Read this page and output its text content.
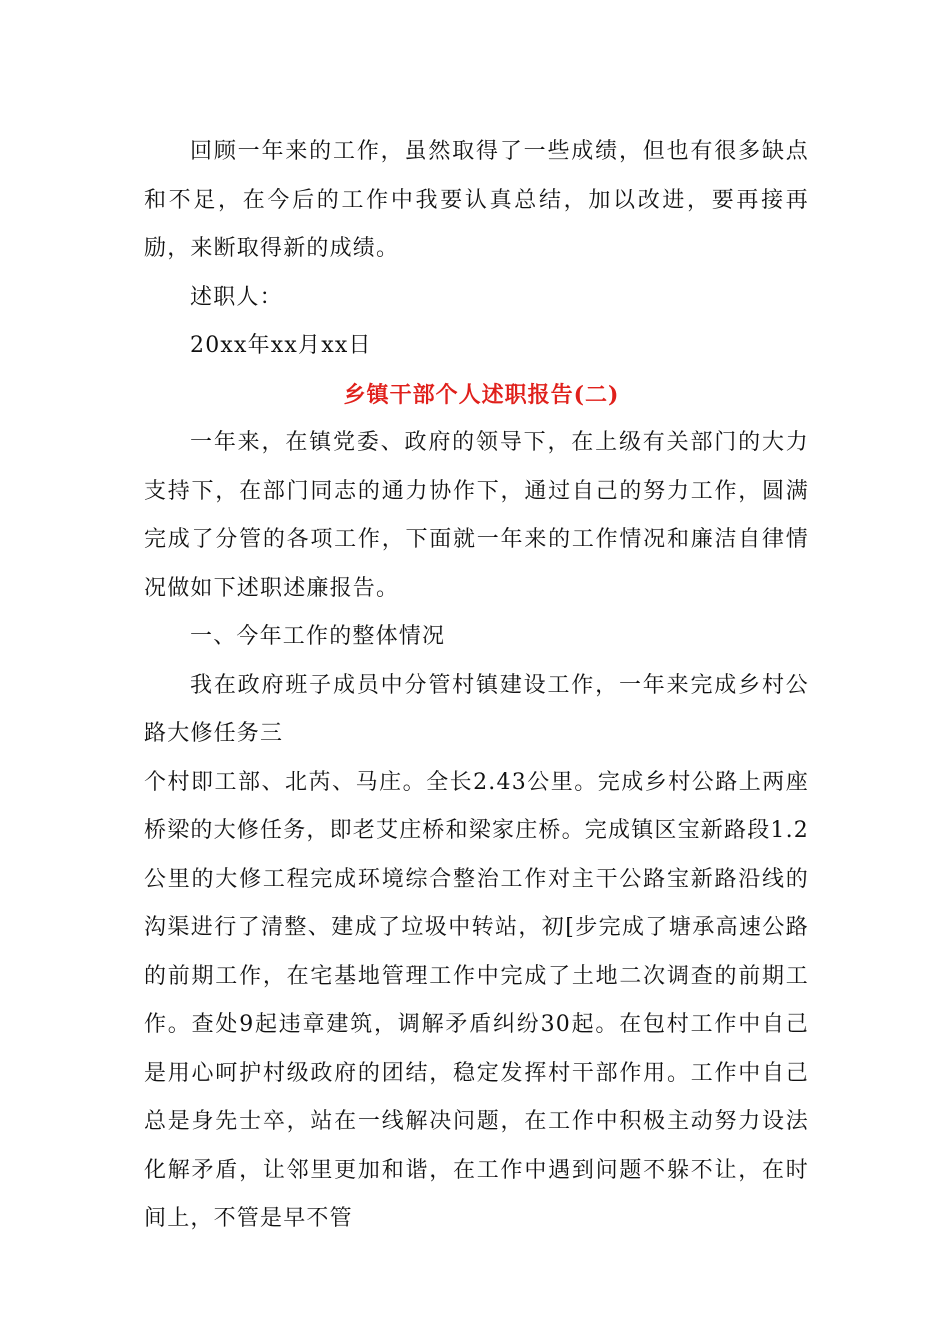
回顾一年来的工作，虽然取得了一些成绩，但也有很多缺点和不足，在今后的工作中我要认真总结，加以改进，要再接再励，来断取得新的成绩。

述职人：

20xx年xx月xx日

乡镇干部个人述职报告(二)

一年来，在镇党委、政府的领导下，在上级有关部门的大力支持下，在部门同志的通力协作下，通过自己的努力工作，圆满完成了分管的各项工作，下面就一年来的工作情况和廉洁自律情况做如下述职述廉报告。

一、今年工作的整体情况

我在政府班子成员中分管村镇建设工作，一年来完成乡村公路大修任务三

个村即工部、北芮、马庄。全长2.43公里。完成乡村公路上两座桥梁的大修任务，即老艾庄桥和梁家庄桥。完成镇区宝新路段1.2公里的大修工程完成环境综合整治工作对主干公路宝新路沿线的沟渠进行了清整、建成了垃圾中转站，初[步完成了塘承高速公路的前期工作，在宅基地管理工作中完成了土地二次调查的前期工作。查处9起违章建筑，调解矛盾纠纷30起。在包村工作中自己是用心呵护村级政府的团结，稳定发挥村干部作用。工作中自己总是身先士卒，站在一线解决问题，在工作中积极主动努力设法化解矛盾，让邻里更加和谐，在工作中遇到问题不躲不让，在时间上，不管是早不管
